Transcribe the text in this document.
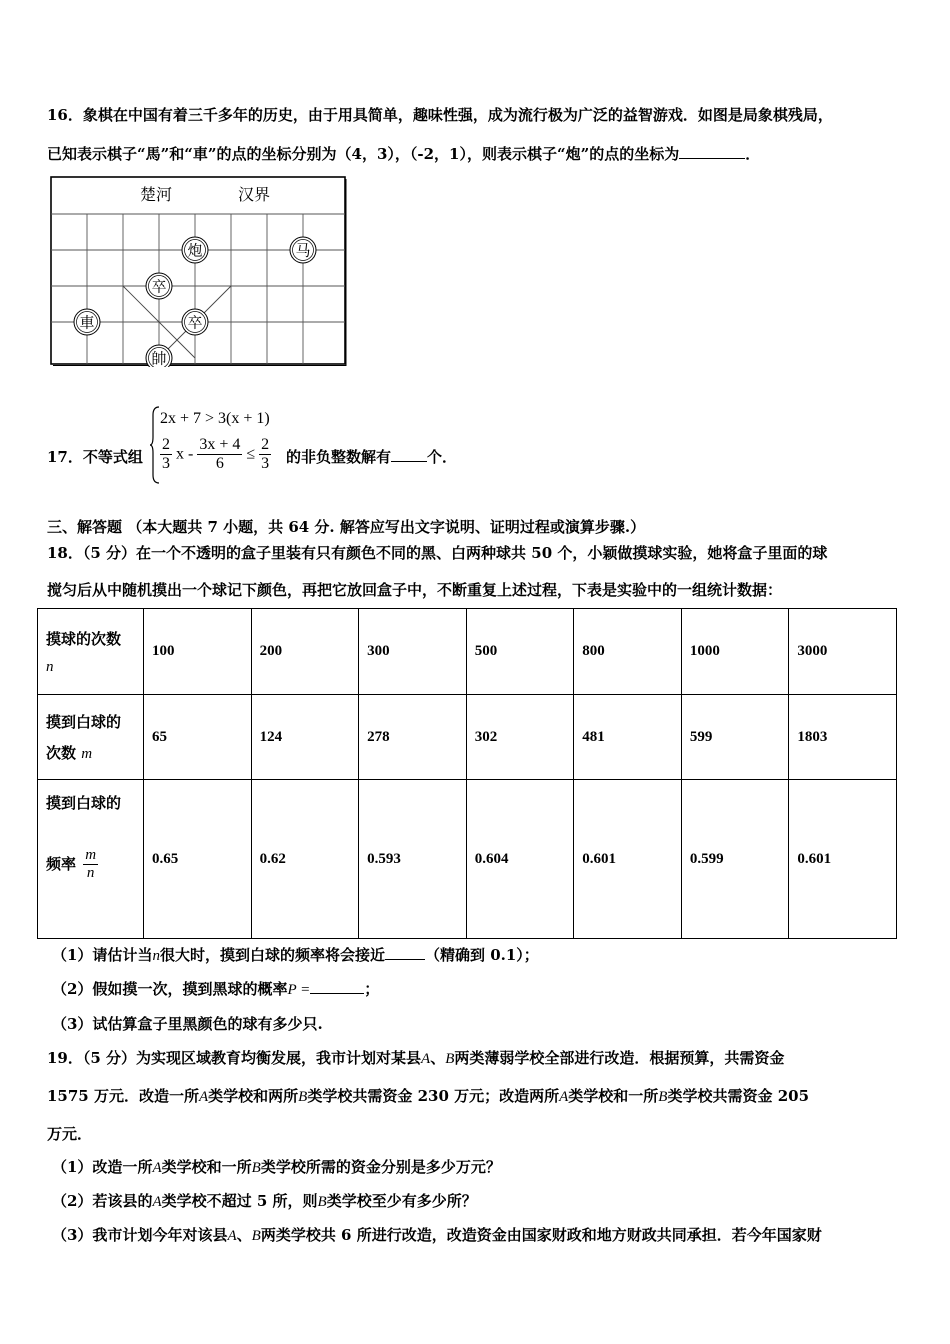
16．象棋在中国有着三千多年的历史，由于用具简单，趣味性强，成为流行极为广泛的益智游戏．如图是局象棋残局，
已知表示棋子“馬”和“車”的点的坐标分别为（4，3），（-2，1），则表示棋子“炮”的点的坐标为	．
楚河	汉界
炮	马
卒
車	卒
帥
17．不等式组
2x + 7 > 3(x + 1)
$\frac{2}{3}$ $x - \frac{3x + 4}{6} \le \frac{2}{3}$ 的非负整数解有 个．
三、解答题 （本大题共 7 小题，共 64 分. 解答应写出文字说明、证明过程或演算步骤.）
18．（5 分）在一个不透明的盒子里装有只有颜色不同的黑、白两种球共 50 个，小颖做摸球实验，她将盒子里面的球
搅匀后从中随机摸出一个球记下颜色，再把它放回盒子中，不断重复上述过程，下表是实验中的一组统计数据：
摸球的次数
n	100	200	300	500	800	1000	3000

摸到白球的
次数 m	65	124	278	302	481	599	1803

摸到白球的
频率 $\frac{m}{n}$	0.65	0.62	0.593	0.604	0.601	0.599	0.601
（1）请估计当n很大时，摸到白球的频率将会接近	（精确到 0.1）；
（2）假如摸一次，摸到黑球的概率P =	；
（3）试估算盒子里黑颜色的球有多少只.
19．（5 分）为实现区域教育均衡发展，我市计划对某县A、B两类薄弱学校全部进行改造．根据预算，共需资金
1575 万元．改造一所A类学校和两所B类学校共需资金 230 万元；改造两所A类学校和一所B类学校共需资金 205
万元．
（1）改造一所A类学校和一所B类学校所需的资金分别是多少万元？
（2）若该县的A类学校不超过 5 所，则B类学校至少有多少所？
（3）我市计划今年对该县A、B两类学校共 6 所进行改造，改造资金由国家财政和地方财政共同承担．若今年国家财
